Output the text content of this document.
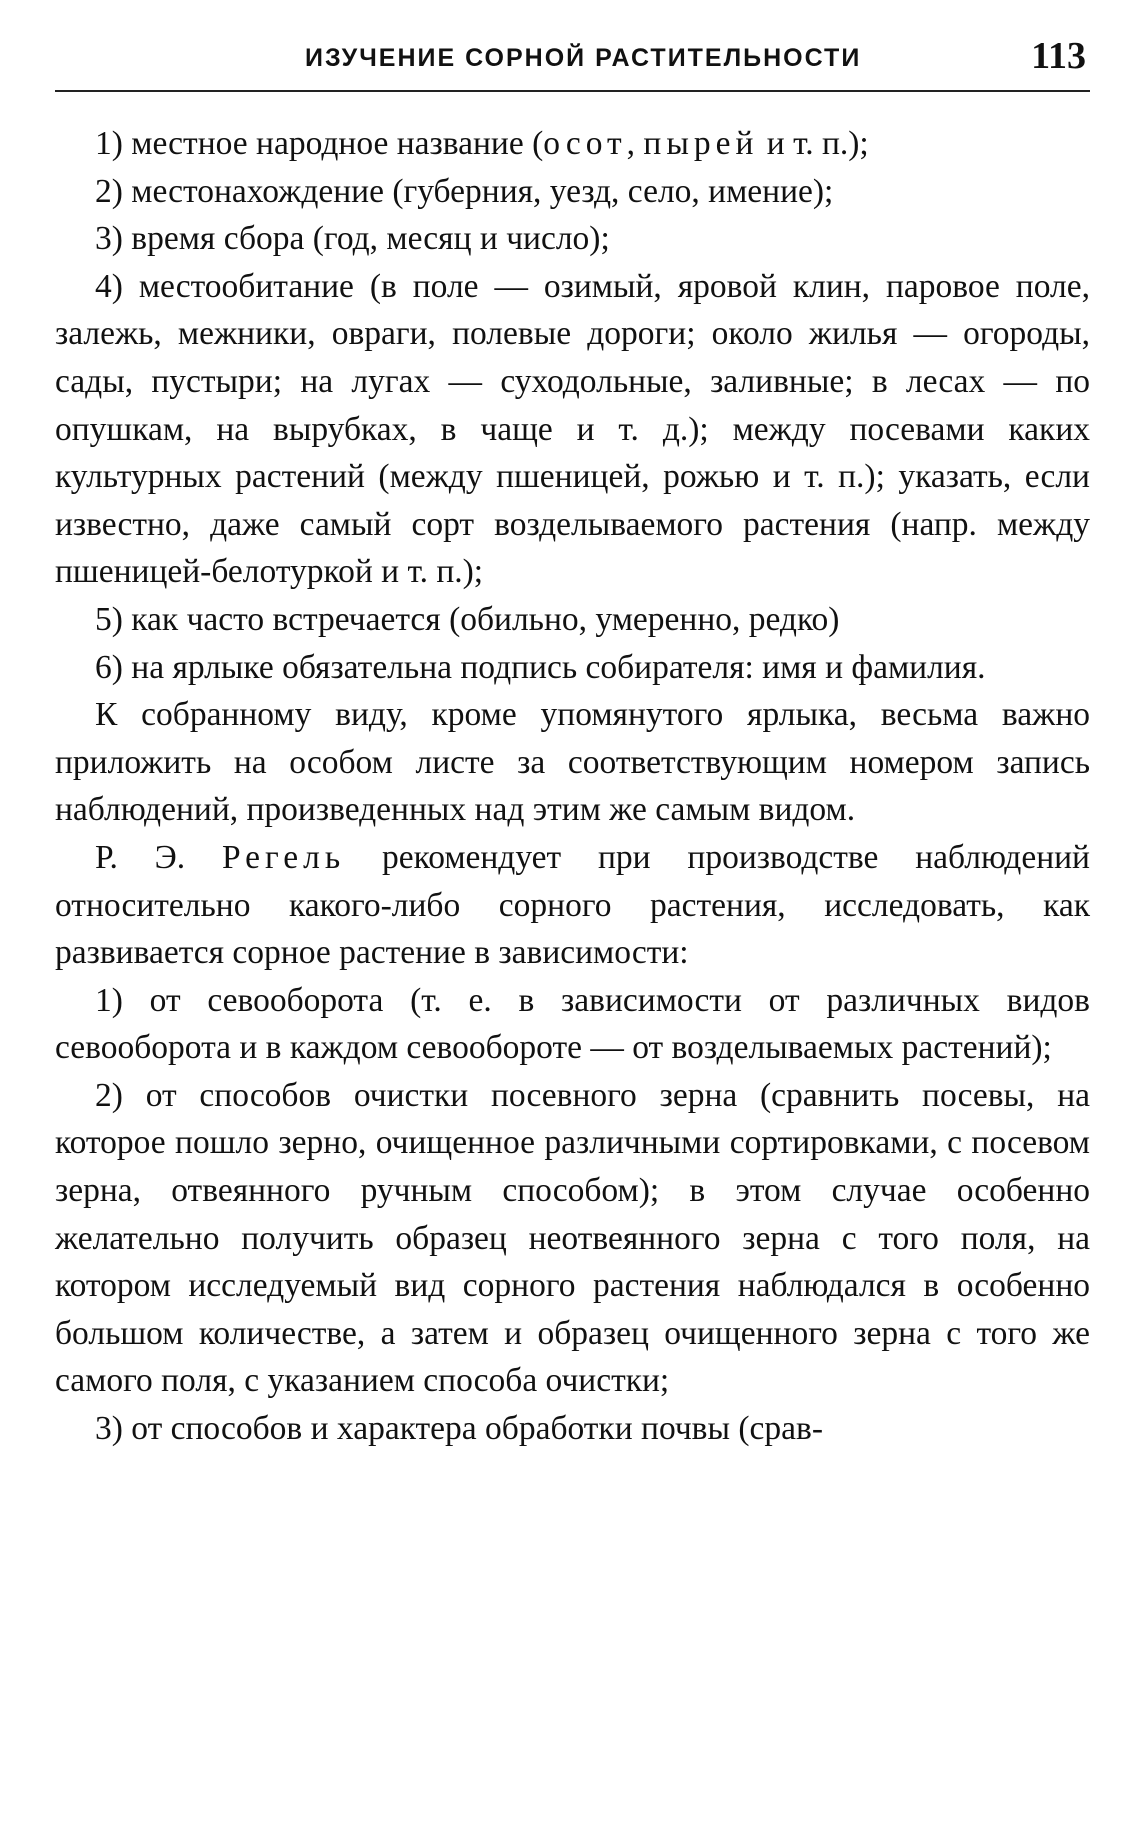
ИЗУЧЕНИЕ СОРНОЙ РАСТИТЕЛЬНОСТИ	113

1) местное народное название (осот, пырей и т. п.);

2) местонахождение (губерния, уезд, село, имение);

3) время сбора (год, месяц и число);

4) местообитание (в поле — озимый, яровой клин, паровое поле, залежь, межники, овраги, полевые дороги; около жилья — огороды, сады, пустыри; на лугах — суходольные, заливные; в лесах — по опушкам, на вырубках, в чаще и т. д.); между посевами каких культурных растений (между пшеницей, рожью и т. п.); указать, если известно, даже самый сорт возделываемого растения (напр. между пшеницей-белотуркой и т. п.);

5) как часто встречается (обильно, умеренно, редко)

6) на ярлыке обязательна подпись собирателя: имя и фамилия.

К собранному виду, кроме упомянутого ярлыка, весьма важно приложить на особом листе за соответствующим номером запись наблюдений, произведенных над этим же самым видом.

Р. Э. Регель рекомендует при производстве наблюдений относительно какого-либо сорного растения, исследовать, как развивается сорное растение в зависимости:

1) от севооборота (т. е. в зависимости от различных видов севооборота и в каждом севообороте — от возделываемых растений);

2) от способов очистки посевного зерна (сравнить посевы, на которое пошло зерно, очищенное различными сортировками, с посевом зерна, отвеянного ручным способом); в этом случае особенно желательно получить образец неотвеянного зерна с того поля, на котором исследуемый вид сорного растения наблюдался в особенно большом количестве, а затем и образец очищенного зерна с того же самого поля, с указанием способа очистки;

3) от способов и характера обработки почвы (срав-
